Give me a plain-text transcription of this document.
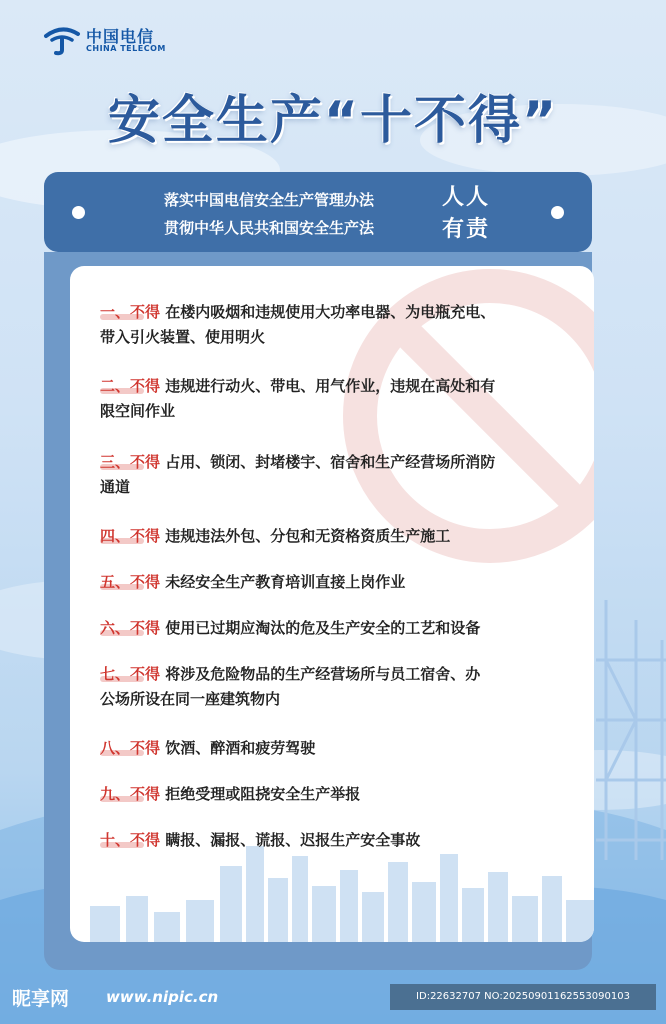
中国电信
CHINA TELECOM
安全生产“十不得”
落实中国电信安全生产管理办法
贯彻中华人民共和国安全生产法
人人
有责
一、不得 在楼内吸烟和违规使用大功率电器、为电瓶充电、
带入引火装置、使用明火
二、不得 违规进行动火、带电、用气作业，违规在高处和有
限空间作业
三、不得 占用、锁闭、封堵楼宇、宿舍和生产经营场所消防
通道
四、不得 违规违法外包、分包和无资格资质生产施工
五、不得 未经安全生产教育培训直接上岗作业
六、不得 使用已过期应淘汰的危及生产安全的工艺和设备
七、不得 将涉及危险物品的生产经营场所与员工宿舍、办
公场所设在同一座建筑物内
八、不得 饮酒、醉酒和疲劳驾驶
九、不得 拒绝受理或阻挠安全生产举报
十、不得 瞒报、漏报、谎报、迟报生产安全事故
昵享网 www.nipic.cn	ID:22632707 NO:20250901162553090103
